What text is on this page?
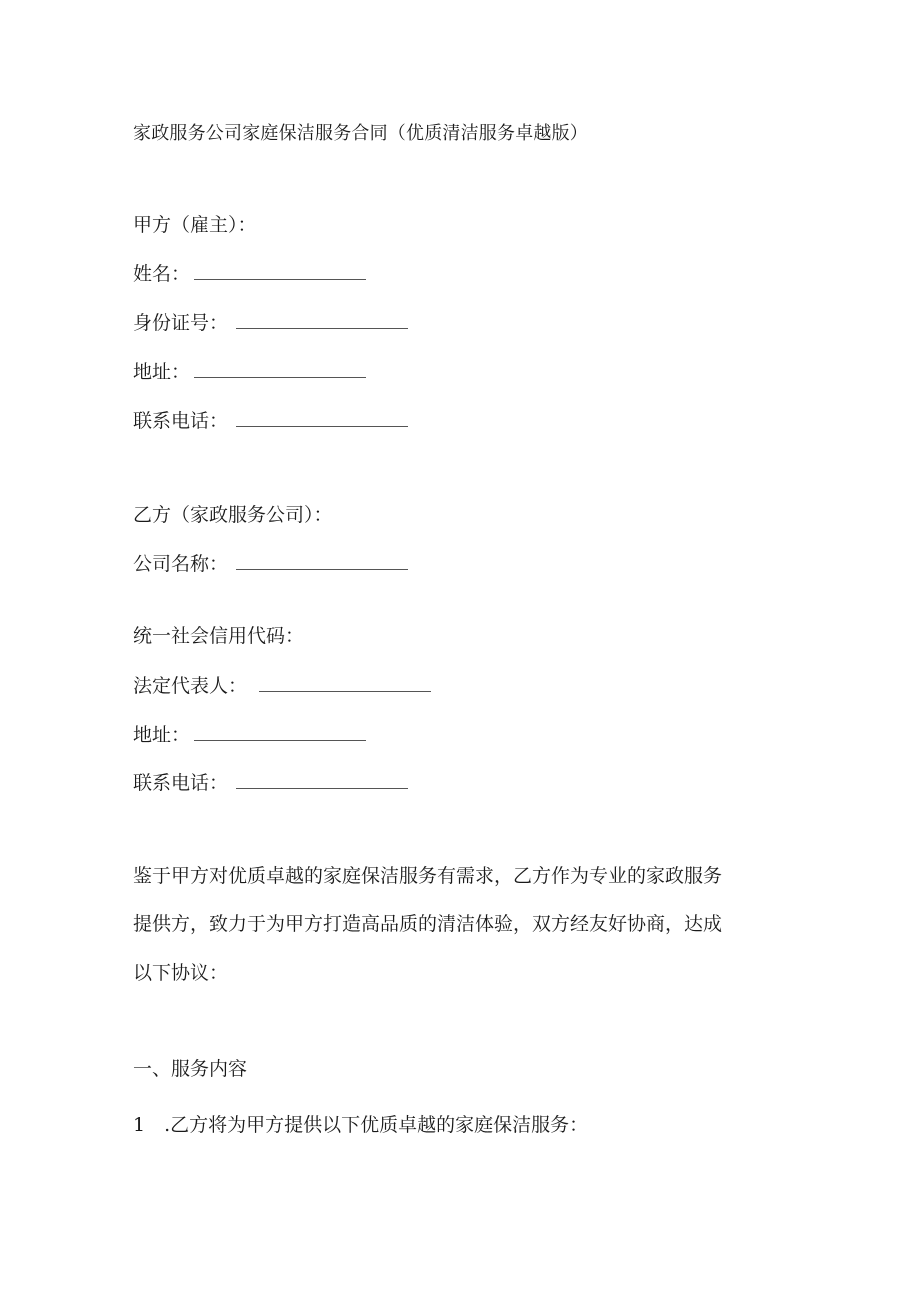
家政服务公司家庭保洁服务合同（优质清洁服务卓越版）
甲方（雇主）：
姓名：
身份证号：
地址：
联系电话：
乙方（家政服务公司）：
公司名称：
统一社会信用代码：
法定代表人：
地址：
联系电话：
鉴于甲方对优质卓越的家庭保洁服务有需求，乙方作为专业的家政服务
提供方，致力于为甲方打造高品质的清洁体验，双方经友好协商，达成
以下协议：
一、服务内容
1　.乙方将为甲方提供以下优质卓越的家庭保洁服务：
